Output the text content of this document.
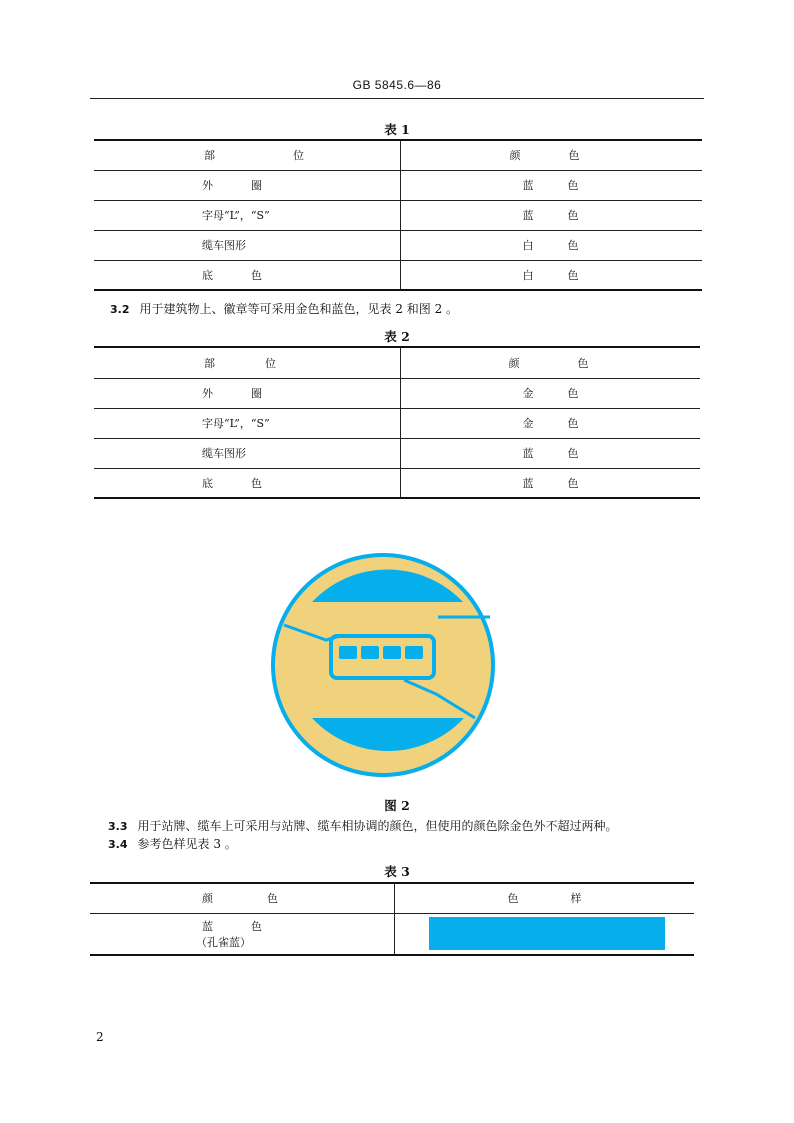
GB 5845.6—86
表 1
部 位	颜 色

外 圈	蓝 色

字母“L”，“S”	蓝 色

缆车图形	白 色

底 色	白 色
3.2 用于建筑物上、徽章等可采用金色和蓝色，见表 2 和图 2 。
表 2
部 位	颜 色

外 圈	金 色

字母“L”，“S”	金 色

缆车图形	蓝 色

底 色	蓝 色
图 2
3.3 用于站牌、缆车上可采用与站牌、缆车相协调的颜色，但使用的颜色除金色外不超过两种。
3.4 参考色样见表 3 。
表 3
颜 色	色 样

蓝 色
（孔雀蓝）	

2
